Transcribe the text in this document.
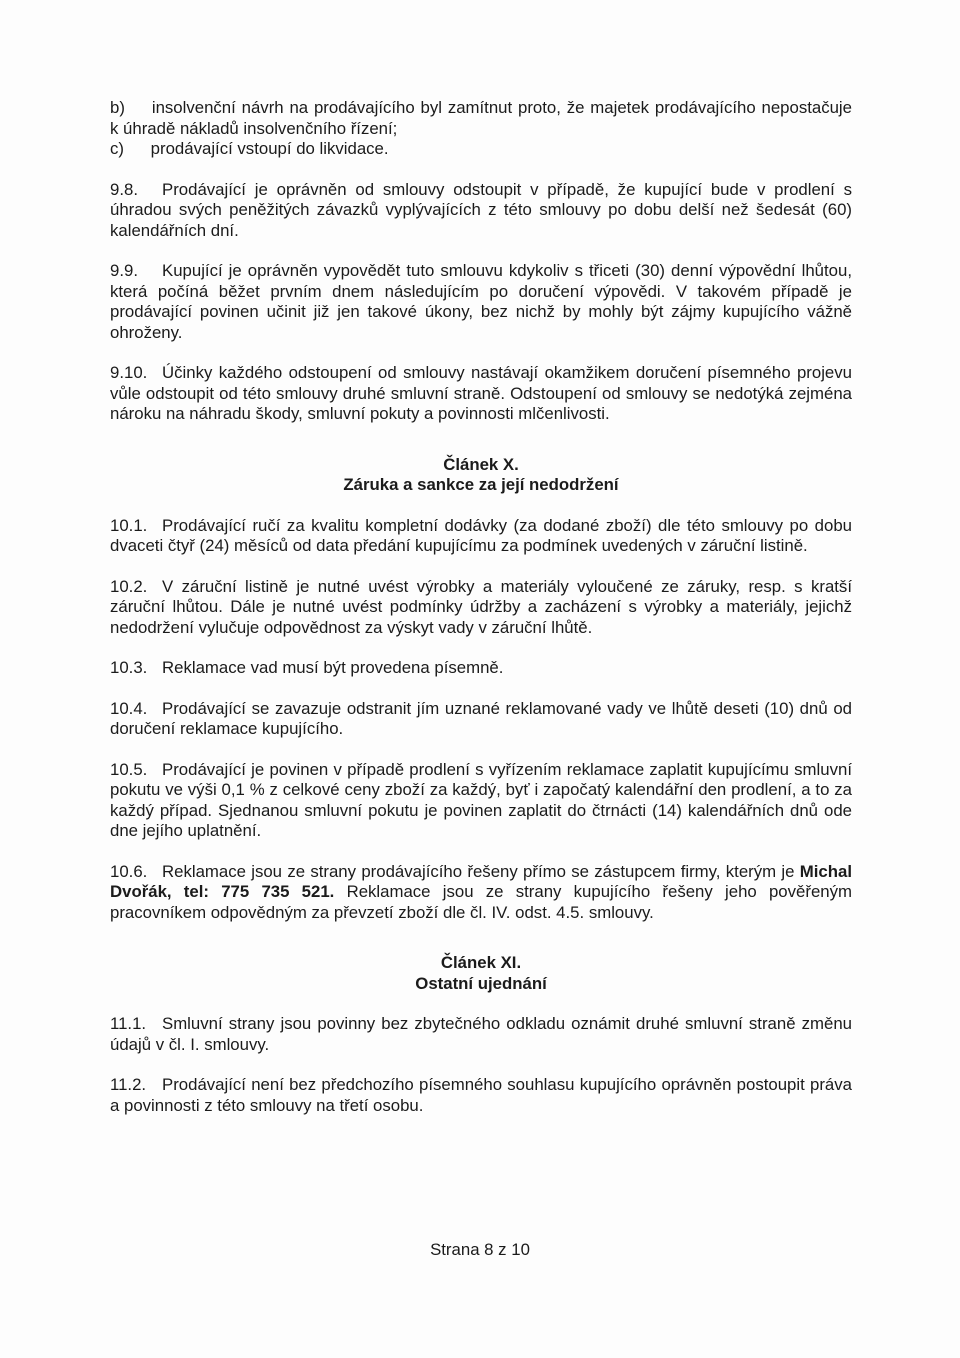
b) insolvenční návrh na prodávajícího byl zamítnut proto, že majetek prodávajícího nepostačuje k úhradě nákladů insolvenčního řízení;

c) prodávající vstoupí do likvidace.

9.8. Prodávající je oprávněn od smlouvy odstoupit v případě, že kupující bude v prodlení s úhradou svých peněžitých závazků vyplývajících z této smlouvy po dobu delší než šedesát (60) kalendářních dní.

9.9. Kupující je oprávněn vypovědět tuto smlouvu kdykoliv s třiceti (30) denní výpovědní lhůtou, která počíná běžet prvním dnem následujícím po doručení výpovědi. V takovém případě je prodávající povinen učinit již jen takové úkony, bez nichž by mohly být zájmy kupujícího vážně ohroženy.

9.10. Účinky každého odstoupení od smlouvy nastávají okamžikem doručení písemného projevu vůle odstoupit od této smlouvy druhé smluvní straně. Odstoupení od smlouvy se nedotýká zejména nároku na náhradu škody, smluvní pokuty a povinnosti mlčenlivosti.

Článek X.

Záruka a sankce za její nedodržení

10.1. Prodávající ručí za kvalitu kompletní dodávky (za dodané zboží) dle této smlouvy po dobu dvaceti čtyř (24) měsíců od data předání kupujícímu za podmínek uvedených v záruční listině.

10.2. V záruční listině je nutné uvést výrobky a materiály vyloučené ze záruky, resp. s kratší záruční lhůtou. Dále je nutné uvést podmínky údržby a zacházení s výrobky a materiály, jejichž nedodržení vylučuje odpovědnost za výskyt vady v záruční lhůtě.

10.3. Reklamace vad musí být provedena písemně.

10.4. Prodávající se zavazuje odstranit jím uznané reklamované vady ve lhůtě deseti (10) dnů od doručení reklamace kupujícího.

10.5. Prodávající je povinen v případě prodlení s vyřízením reklamace zaplatit kupujícímu smluvní pokutu ve výši 0,1 % z celkové ceny zboží za každý, byť i započatý kalendářní den prodlení, a to za každý případ. Sjednanou smluvní pokutu je povinen zaplatit do čtrnácti (14) kalendářních dnů ode dne jejího uplatnění.

10.6. Reklamace jsou ze strany prodávajícího řešeny přímo se zástupcem firmy, kterým je Michal Dvořák, tel: 775 735 521. Reklamace jsou ze strany kupujícího řešeny jeho pověřeným pracovníkem odpovědným za převzetí zboží dle čl. IV. odst. 4.5. smlouvy.

Článek XI.

Ostatní ujednání

11.1. Smluvní strany jsou povinny bez zbytečného odkladu oznámit druhé smluvní straně změnu údajů v čl. I. smlouvy.

11.2. Prodávající není bez předchozího písemného souhlasu kupujícího oprávněn postoupit práva a povinnosti z této smlouvy na třetí osobu.

Strana 8 z 10
